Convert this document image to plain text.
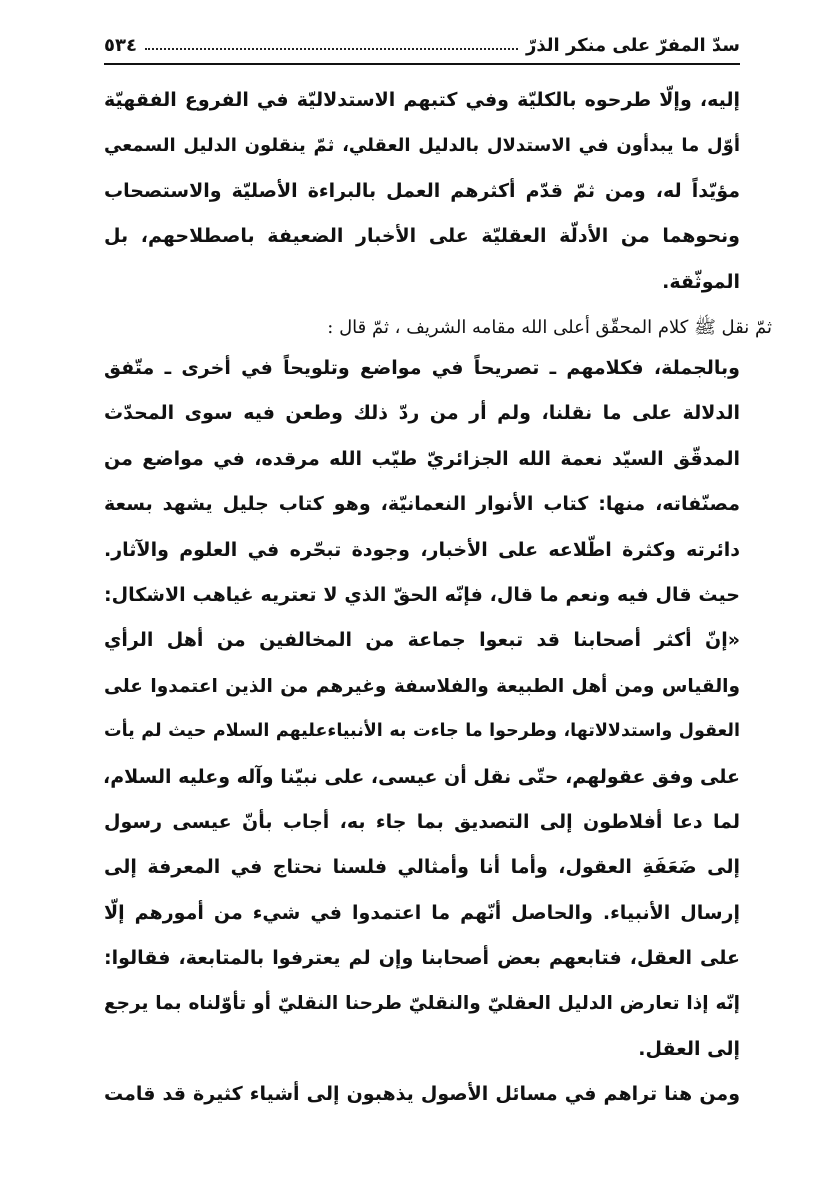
سدّ المفرّ على منكر الذرّ
٥٣٤
إليه، وإلّا طرحوه بالكليّة وفي كتبهم الاستدلاليّة في الفروع الفقهيّة
أوّل ما يبدأون في الاستدلال بالدليل العقلي، ثمّ ينقلون الدليل السمعي
مؤيّداً له، ومن ثمّ قدّم أكثرهم العمل بالبراءة الأصليّة والاستصحاب
ونحوهما من الأدلّة العقليّة على الأخبار الضعيفة باصطلاحهم، بل
الموثّقة.
ثمّ نقل ﷺ كلام المحقّق أعلى الله مقامه الشريف ، ثمّ قال :
وبالجملة، فكلامهم ـ تصريحاً في مواضع وتلويحاً في أخرى ـ متّفق
الدلالة على ما نقلنا، ولم أر من ردّ ذلك وطعن فيه سوى المحدّث
المدقّق السيّد نعمة الله الجزائريّ طيّب الله مرقده، في مواضع من
مصنّفاته، منها: كتاب الأنوار النعمانيّة، وهو كتاب جليل يشهد بسعة
دائرته وكثرة اطّلاعه على الأخبار، وجودة تبحّره في العلوم والآثار.
حيث قال فيه ونعم ما قال، فإنّه الحقّ الذي لا تعتريه غياهب الاشكال:
«إنّ أكثر أصحابنا قد تبعوا جماعة من المخالفين من أهل الرأي
والقياس ومن أهل الطبيعة والفلاسفة وغيرهم من الذين اعتمدوا على
العقول واستدلالاتها، وطرحوا ما جاءت به الأنبياءعليهم السلام حيث لم يأت
على وفق عقولهم، حتّى نقل أن عيسى، على نبيّنا وآله وعليه السلام،
لما دعا أفلاطون إلى التصديق بما جاء به، أجاب بأنّ عيسى رسول
إلى ضَعَفَةِ العقول، وأما أنا وأمثالي فلسنا نحتاج في المعرفة إلى
إرسال الأنبياء. والحاصل أنّهم ما اعتمدوا في شيء من أمورهم إلّا
على العقل، فتابعهم بعض أصحابنا وإن لم يعترفوا بالمتابعة، فقالوا:
إنّه إذا تعارض الدليل العقليّ والنقليّ طرحنا النقليّ أو تأوّلناه بما يرجع
إلى العقل.
ومن هنا تراهم في مسائل الأصول يذهبون إلى أشياء كثيرة قد قامت
